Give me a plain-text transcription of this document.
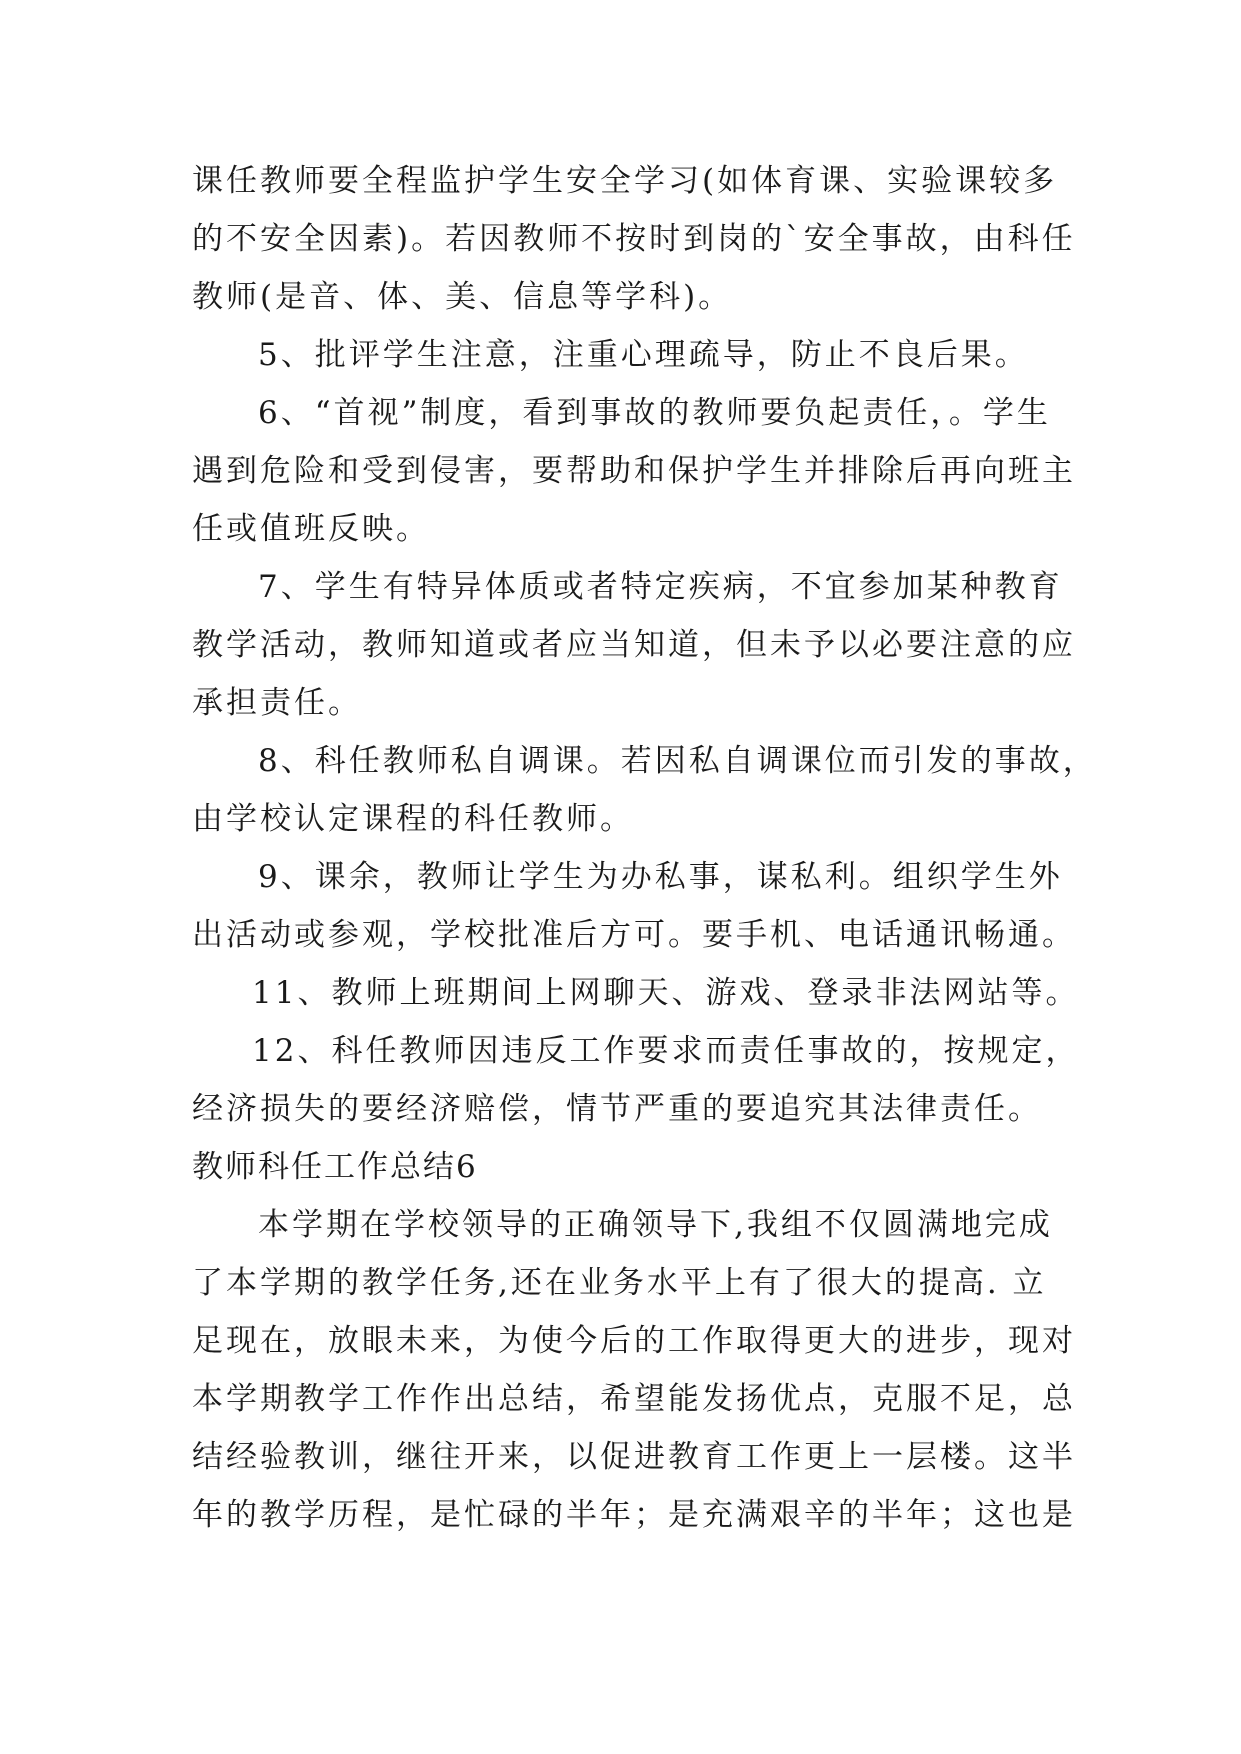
课任教师要全程监护学生安全学习(如体育课、实验课较多
的不安全因素)。若因教师不按时到岗的`安全事故，由科任
教师(是音、体、美、信息等学科)。
5、批评学生注意，注重心理疏导，防止不良后果。
6、“首视”制度，看到事故的教师要负起责任，。学生
遇到危险和受到侵害，要帮助和保护学生并排除后再向班主
任或值班反映。
7、学生有特异体质或者特定疾病，不宜参加某种教育
教学活动，教师知道或者应当知道，但未予以必要注意的应
承担责任。
8、科任教师私自调课。若因私自调课位而引发的事故，
由学校认定课程的科任教师。
9、课余，教师让学生为办私事，谋私利。组织学生外
出活动或参观，学校批准后方可。要手机、电话通讯畅通。
11、教师上班期间上网聊天、游戏、登录非法网站等。
12、科任教师因违反工作要求而责任事故的，按规定，
经济损失的要经济赔偿，情节严重的要追究其法律责任。
教师科任工作总结6
本学期在学校领导的正确领导下,我组不仅圆满地完成
了本学期的教学任务,还在业务水平上有了很大的提高. 立
足现在，放眼未来，为使今后的工作取得更大的进步，现对
本学期教学工作作出总结，希望能发扬优点，克服不足，总
结经验教训，继往开来，以促进教育工作更上一层楼。这半
年的教学历程，是忙碌的半年；是充满艰辛的半年；这也是
